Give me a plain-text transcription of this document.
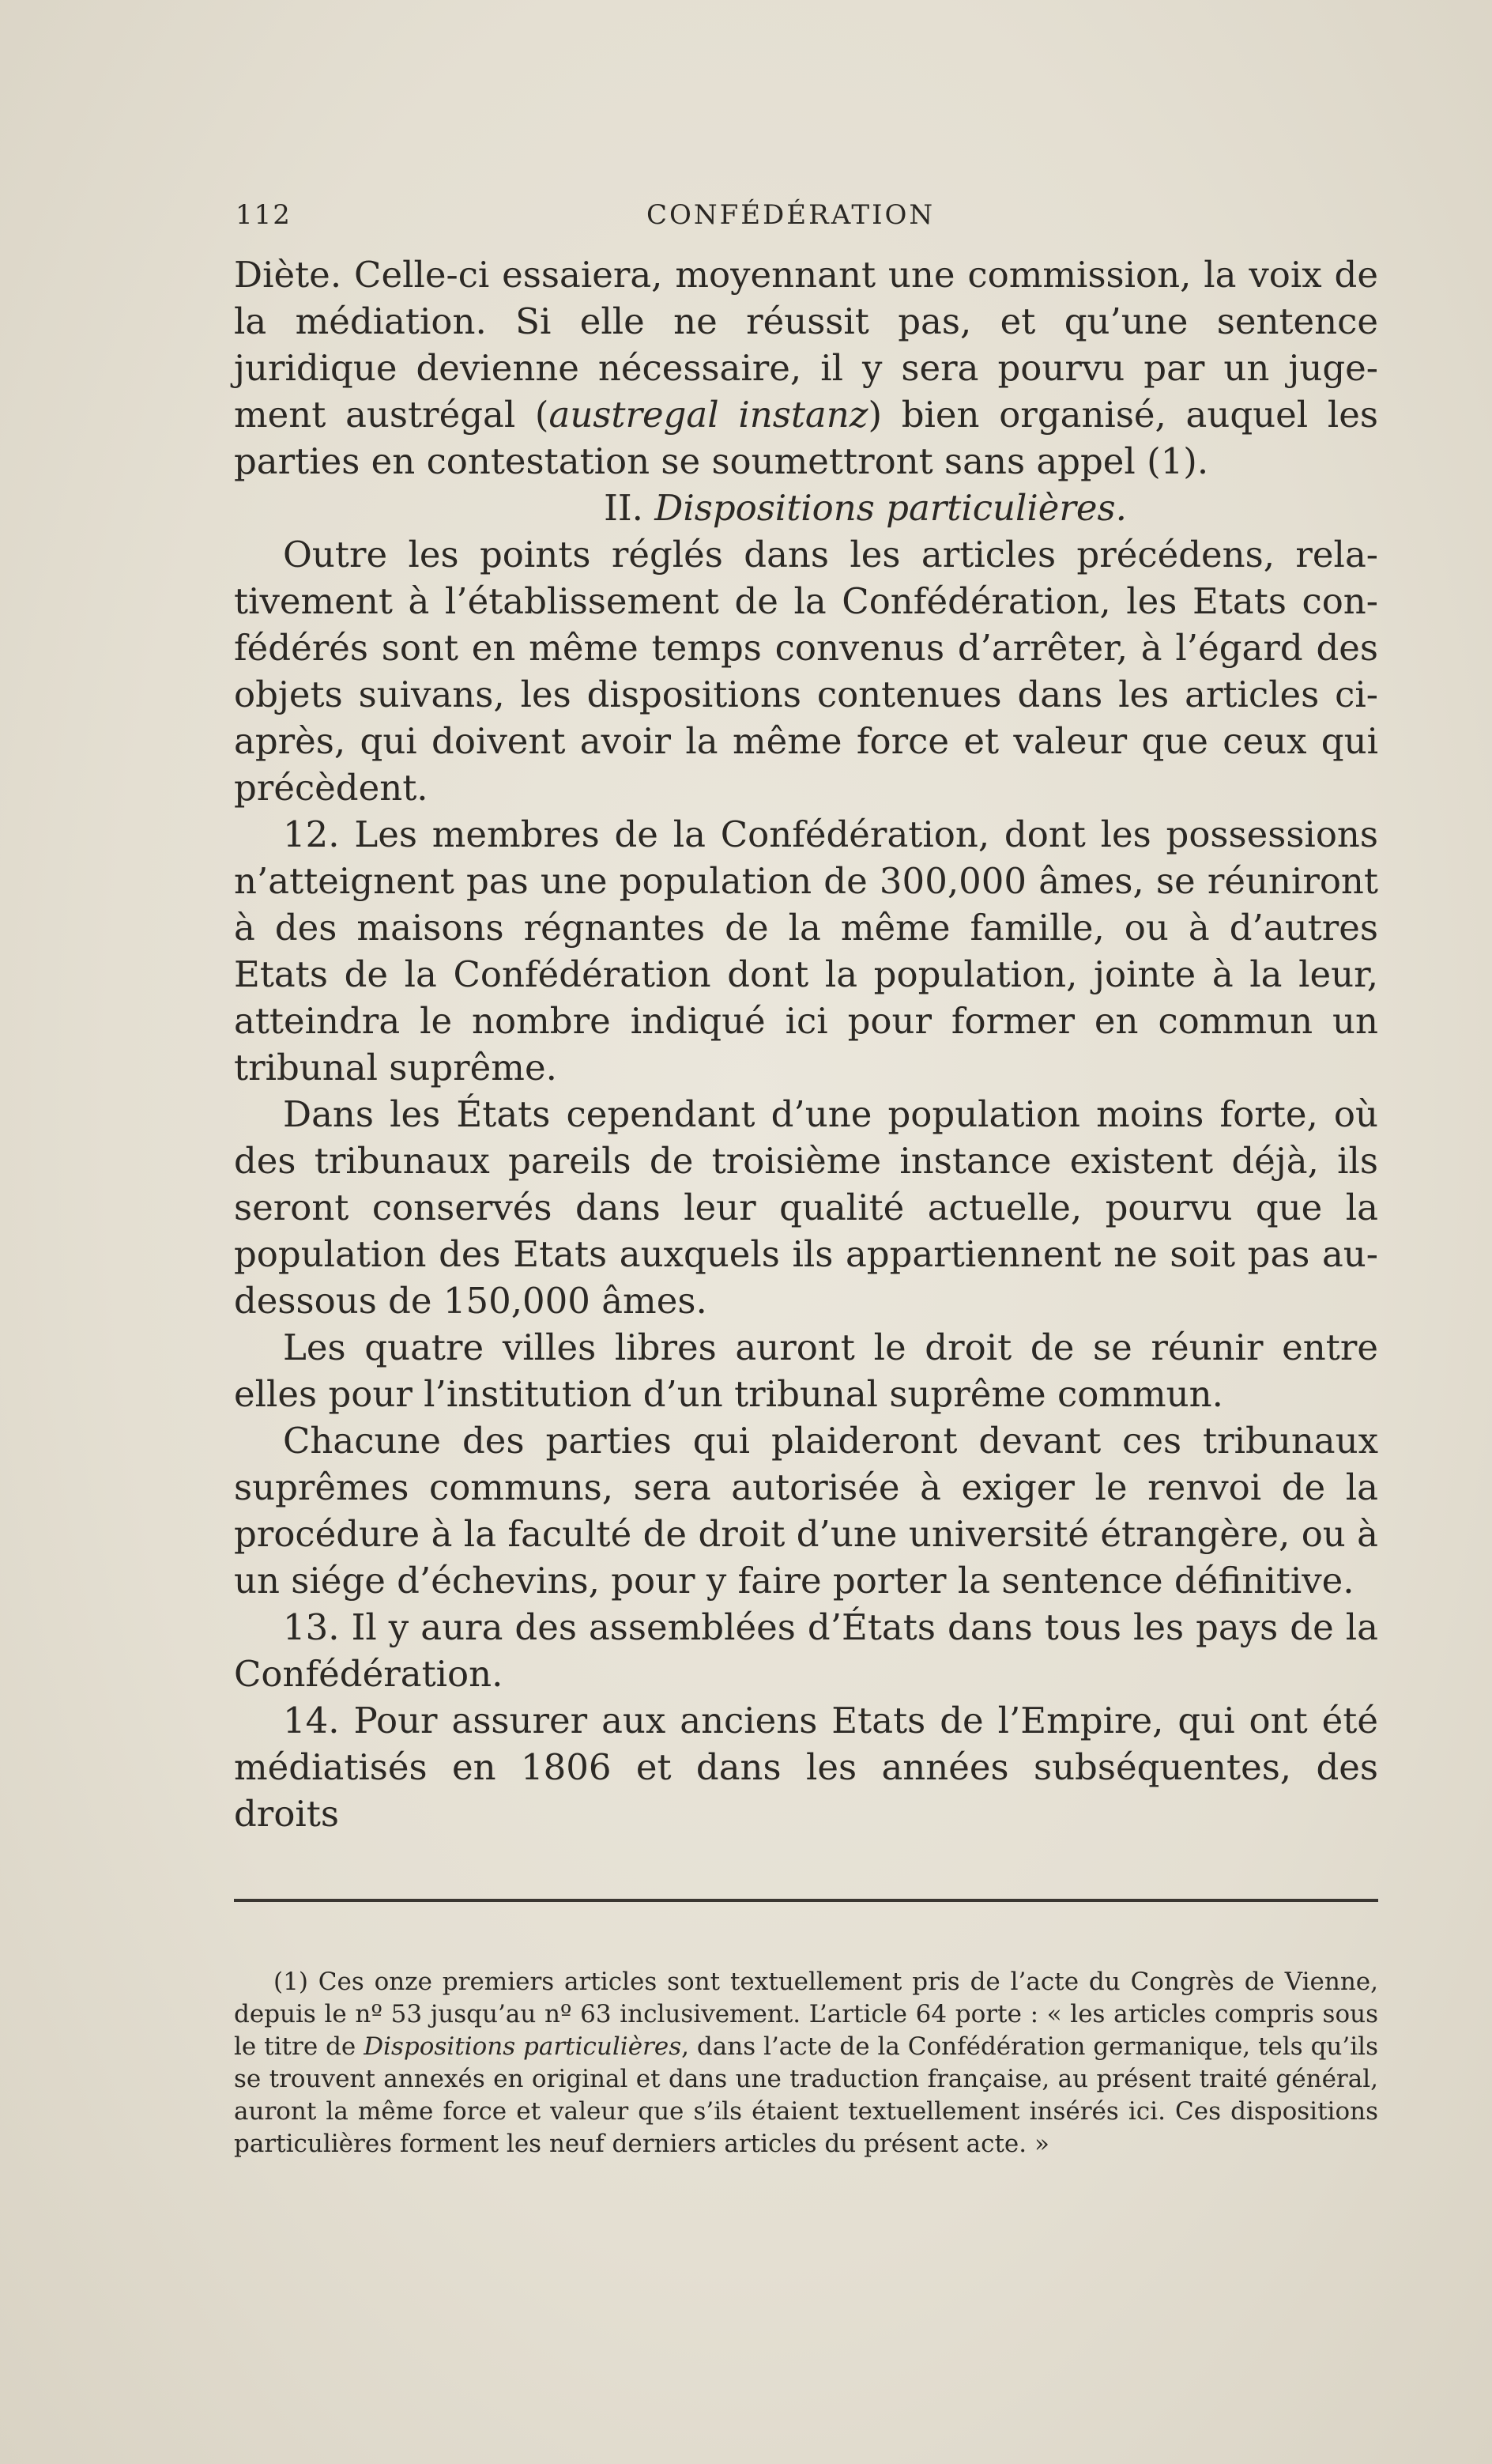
112	CONFÉDÉRATION

Diète. Celle-ci essaiera, moyennant une commission, la voix de la médiation. Si elle ne réussit pas, et qu’une sentence juridique devienne nécessaire, il y sera pourvu par un jugement austrégal (austregal instanz) bien organisé, auquel les parties en contestation se soumettront sans appel (1).

II. Dispositions particulières.

Outre les points réglés dans les articles précédens, relativement à l’établissement de la Confédération, les Etats confédérés sont en même temps convenus d’arrêter, à l’égard des objets suivans, les dispositions contenues dans les articles ci-après, qui doivent avoir la même force et valeur que ceux qui précèdent.

12. Les membres de la Confédération, dont les possessions n’atteignent pas une population de 300,000 âmes, se réuniront à des maisons régnantes de la même famille, ou à d’autres Etats de la Confédération dont la population, jointe à la leur, atteindra le nombre indiqué ici pour former en commun un tribunal suprême.

Dans les États cependant d’une population moins forte, où des tribunaux pareils de troisième instance existent déjà, ils seront conservés dans leur qualité actuelle, pourvu que la population des Etats auxquels ils appartiennent ne soit pas au-dessous de 150,000 âmes.

Les quatre villes libres auront le droit de se réunir entre elles pour l’institution d’un tribunal suprême commun.

Chacune des parties qui plaideront devant ces tribunaux suprêmes communs, sera autorisée à exiger le renvoi de la procédure à la faculté de droit d’une université étrangère, ou à un siége d’échevins, pour y faire porter la sentence définitive.

13. Il y aura des assemblées d’États dans tous les pays de la Confédération.

14. Pour assurer aux anciens Etats de l’Empire, qui ont été médiatisés en 1806 et dans les années subséquentes, des droits

(1) Ces onze premiers articles sont textuellement pris de l’acte du Congrès de Vienne, depuis le nº 53 jusqu’au nº 63 inclusivement. L’article 64 porte : « les articles compris sous le titre de Dispositions particulières, dans l’acte de la Confédération germanique, tels qu’ils se trouvent annexés en original et dans une traduction française, au présent traité général, auront la même force et valeur que s’ils étaient textuellement insérés ici. Ces dispositions particulières forment les neuf derniers articles du présent acte. »
